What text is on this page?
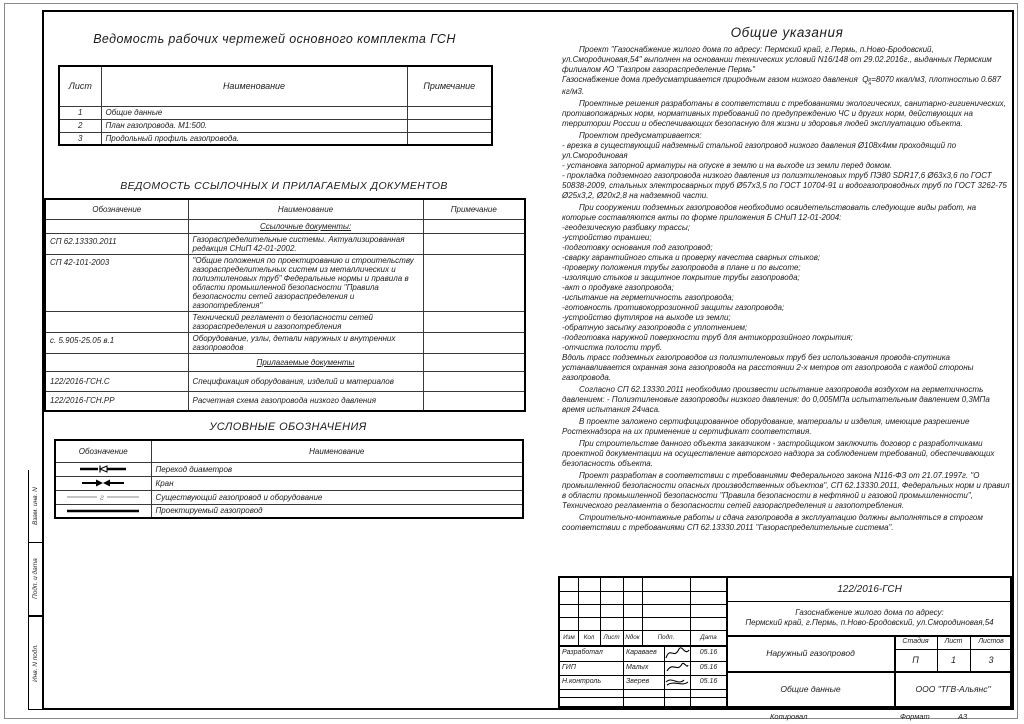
Взам. инв. N
Подп. и дата
Инв. N подл.
Ведомость рабочих чертежей основного комплекта ГСН
Лист	Наименование	Примечание
1	Общие данные	
2	План газопровода. М1:500.	
3	Продольный профиль газопровода.	
ВЕДОМОСТЬ ССЫЛОЧНЫХ И ПРИЛАГАЕМЫХ ДОКУМЕНТОВ
Обозначение	Наименование	Примечание
	Ссылочные документы:	
СП 62.13330.2011	Газораспределительные системы. Актуализированная редакция СНиП 42-01-2002.	
СП 42-101-2003	"Общие положения по проектированию и строительству газораспределительных систем из металлических и полиэтиленовых труб" Федеральные нормы и правила в области промышленной безопасности "Правила безопасности сетей газораспределения и газопотребления"	
	Технический регламент о безопасности сетей газораспределения и газопотребления	
с. 5.905-25.05 в.1	Оборудование, узлы, детали наружных и внутренних газопроводов	
	Прилагаемые документы	
122/2016-ГСН.С	Спецификация оборудования, изделий и материалов	
122/2016-ГСН.РР	Расчетная схема газопровода низкого давления	
УСЛОВНЫЕ ОБОЗНАЧЕНИЯ
Обозначение	Наименование

	Переход диаметров

	Кран

г	Существующий газопровод и оборудование

	Проектируемый газопровод
Общие указания

Проект "Газоснабжение жилого дома по адресу: Пермский край, г.Пермь, п.Ново-Бродовский, ул.Смородиновая,54" выполнен на основании технических условий N16/148 от 29.02.2016г., выданных Пермским филиалом АО "Газпром газораспределение Пермь"

Газоснабжение дома предусматривается природным газом низкого давления Qр
н=8070 ккал/м3, плотностью 0.687 кг/м3.

Проектные решения разработаны в соответствии с требованиями экологических, санитарно-гигиенических, противопожарных норм, нормативных требований по предупреждению ЧС и других норм, действующих на территории России и обеспечивающих безопасную для жизни и здоровья людей эксплуатацию объекта.

Проектом предусматривается:

- врезка в существующий надземный стальной газопровод низкого давления Ø108х4мм проходящий по ул.Смородиновая

- установка запорной арматуры на опуске в землю и на выходе из земли перед домом.

- прокладка подземного газопровода низкого давления из полиэтиленовых труб ПЭ80 SDR17,6 Ø63х3,6 по ГОСТ 50838-2009, стальных электросварных труб Ø57х3,5 по ГОСТ 10704-91 и водогазопроводных труб по ГОСТ 3262-75 Ø25х3,2, Ø20х2,8 на надземной части.

При сооружении подземных газопроводов необходимо освидетельствовать следующие виды работ, на которые составляются акты по форме приложения Б СНиП 12-01-2004:

-геодезическую разбивку трассы;

-устройство траншеи;

-подготовку основания под газопровод;

-сварку гарантийного стыка и проверку качества сварных стыков;

-проверку положения трубы газопровода в плане и по высоте;

-изоляцию стыков и защитное покрытие трубы газопровода;

-акт о продувке газопровода;

-испытание на герметичность газопровода;

-готовность противокоррозионной защиты газопровода;

-устройство футляров на выходе из земли;

-обратную засыпку газопровода с уплотнением;

-подготовка наружной поверхности труб для антикоррозийного покрытия;

-отчистка полости труб.

Вдоль трасс подземных газопроводов из полиэтиленовых труб без использования провода-спутника устанавливается охранная зона газопровода на расстоянии 2-х метров от газопровода с каждой стороны газопровода.

Согласно СП 62.13330.2011 необходимо произвести испытание газопровода воздухом на герметичность давлением: - Полиэтиленовые газопроводы низкого давления: до 0,005МПа испытательным давлением 0,3МПа время испытания 24часа.

В проекте заложено сертифицированное оборудование, материалы и изделия, имеющие разрешение Ростехнадзора на их применение и сертификат соответствия.

При строительстве данного объекта заказчиком - застройщиком заключить договор с разработчиками проектной документации на осуществление авторского надзора за соблюдением требований, обеспечивающих безопасность объекта.

Проект разработан в соответствии с требованиями Федерального закона N116-ФЗ от 21.07.1997г. "О промышленной безопасности опасных производственных объектов", СП 62.13330.2011, Федеральных норм и правил в области промышленной безопасности "Правила безопасности в нефтяной и газовой промышленности", Технического регламента о безопасности сетей газораспределения и газопотребления.

Строительно-монтажные работы и сдача газопровода в эксплуатацию должны выполняться в строгом соответствии с требованиями СП 62.13330.2011 "Газораспределительные система".

Изм	Кол	Лист Nдок	Подп.	Дата
Разработал	Караваев	05.16
ГИП	Малых	05.16
Н.контроль	Зверев	05.16
122/2016-ГСН
Газоснабжение жилого дома по адресу:
Пермский край, г.Пермь, п.Ново-Бродовский, ул.Смородиновая,54
Наружный газопровод
Общие данные
Стадия	Лист	Листов
П	1	3
ООО "ТГВ-Альянс"
Копировал	Формат	А3
